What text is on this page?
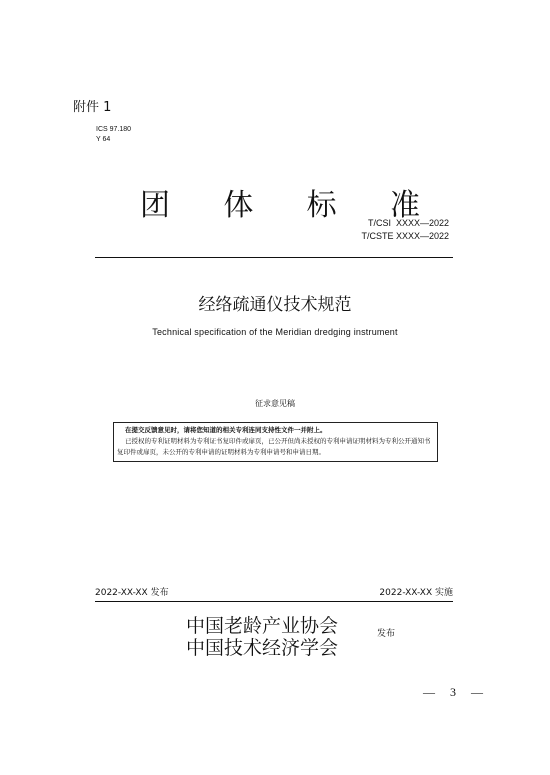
附件 1
ICS 97.180
Y 64
团 体 标 准
T/CSI  XXXX—2022
T/CSTE XXXX—2022
经络疏通仪技术规范
Technical specification of the Meridian dredging instrument
征求意见稿
在提交反馈意见时，请将您知道的相关专利连同支持性文件一并附上。
已授权的专利证明材料为专利证书复印件或扉页，已公开但尚未授权的专利申请证明材料为专利公开通知书复印件或扉页，未公开的专利申请的证明材料为专利申请号和申请日期。
2022-XX-XX 发布	2022-XX-XX 实施
中国老龄产业协会
中国技术经济学会
发布
— 3 —
